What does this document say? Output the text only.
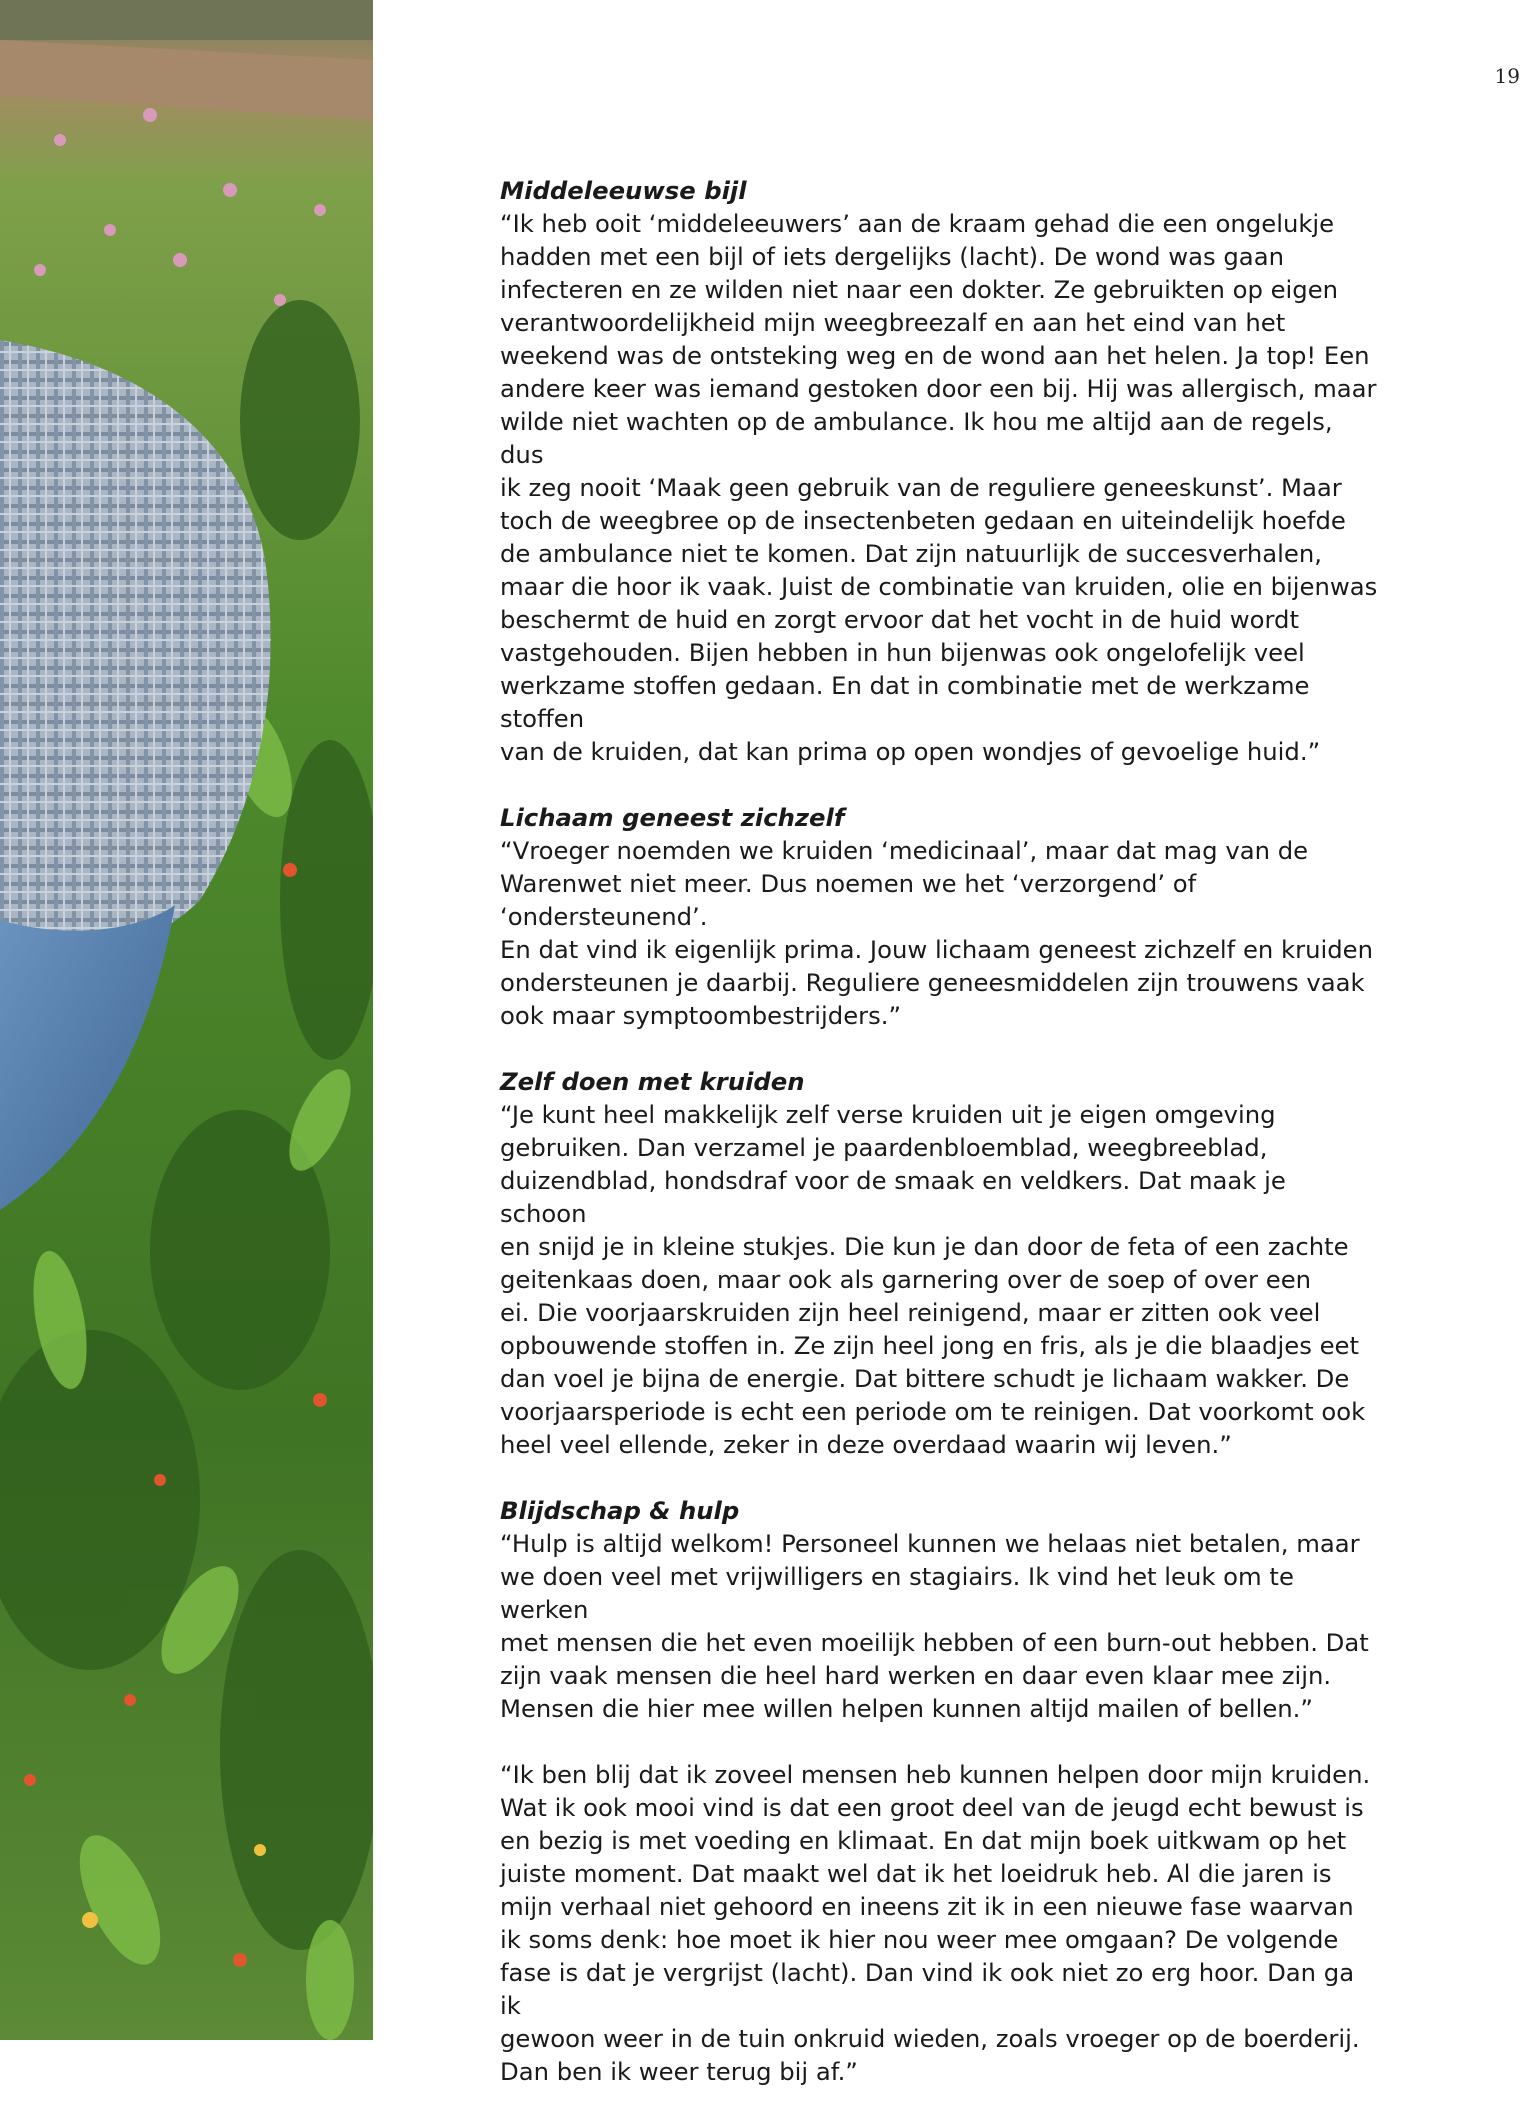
19

Middeleeuwse bijl

“Ik heb ooit ‘middeleeuwers’ aan de kraam gehad die een ongelukje
hadden met een bijl of iets dergelijks (lacht). De wond was gaan
infecteren en ze wilden niet naar een dokter. Ze gebruikten op eigen
verantwoordelijkheid mijn weegbreezalf en aan het eind van het
weekend was de ontsteking weg en de wond aan het helen. Ja top! Een
andere keer was iemand gestoken door een bij. Hij was allergisch, maar
wilde niet wachten op de ambulance. Ik hou me altijd aan de regels, dus
ik zeg nooit ‘Maak geen gebruik van de reguliere geneeskunst’. Maar
toch de weegbree op de insectenbeten gedaan en uiteindelijk hoefde
de ambulance niet te komen. Dat zijn natuurlijk de succesverhalen,
maar die hoor ik vaak. Juist de combinatie van kruiden, olie en bijenwas
beschermt de huid en zorgt ervoor dat het vocht in de huid wordt
vastgehouden. Bijen hebben in hun bijenwas ook ongelofelijk veel
werkzame stoffen gedaan. En dat in combinatie met de werkzame stoffen
van de kruiden, dat kan prima op open wondjes of gevoelige huid.”

Lichaam geneest zichzelf

“Vroeger noemden we kruiden ‘medicinaal’, maar dat mag van de
Warenwet niet meer. Dus noemen we het ‘verzorgend’ of ‘ondersteunend’.
En dat vind ik eigenlijk prima. Jouw lichaam geneest zichzelf en kruiden
ondersteunen je daarbij. Reguliere geneesmiddelen zijn trouwens vaak
ook maar symptoombestrijders.”

Zelf doen met kruiden

“Je kunt heel makkelijk zelf verse kruiden uit je eigen omgeving
gebruiken. Dan verzamel je paardenbloemblad, weegbreeblad,
duizendblad, hondsdraf voor de smaak en veldkers. Dat maak je schoon
en snijd je in kleine stukjes. Die kun je dan door de feta of een zachte
geitenkaas doen, maar ook als garnering over de soep of over een
ei. Die voorjaarskruiden zijn heel reinigend, maar er zitten ook veel
opbouwende stoffen in. Ze zijn heel jong en fris, als je die blaadjes eet
dan voel je bijna de energie. Dat bittere schudt je lichaam wakker. De
voorjaarsperiode is echt een periode om te reinigen. Dat voorkomt ook
heel veel ellende, zeker in deze overdaad waarin wij leven.”

Blijdschap & hulp

“Hulp is altijd welkom! Personeel kunnen we helaas niet betalen, maar
we doen veel met vrijwilligers en stagiairs. Ik vind het leuk om te werken
met mensen die het even moeilijk hebben of een burn-out hebben. Dat
zijn vaak mensen die heel hard werken en daar even klaar mee zijn.
Mensen die hier mee willen helpen kunnen altijd mailen of bellen.”

“Ik ben blij dat ik zoveel mensen heb kunnen helpen door mijn kruiden.
Wat ik ook mooi vind is dat een groot deel van de jeugd echt bewust is
en bezig is met voeding en klimaat. En dat mijn boek uitkwam op het
juiste moment. Dat maakt wel dat ik het loeidruk heb. Al die jaren is
mijn verhaal niet gehoord en ineens zit ik in een nieuwe fase waarvan
ik soms denk: hoe moet ik hier nou weer mee omgaan? De volgende
fase is dat je vergrijst (lacht). Dan vind ik ook niet zo erg hoor. Dan ga ik
gewoon weer in de tuin onkruid wieden, zoals vroeger op de boerderij.
Dan ben ik weer terug bij af.”
